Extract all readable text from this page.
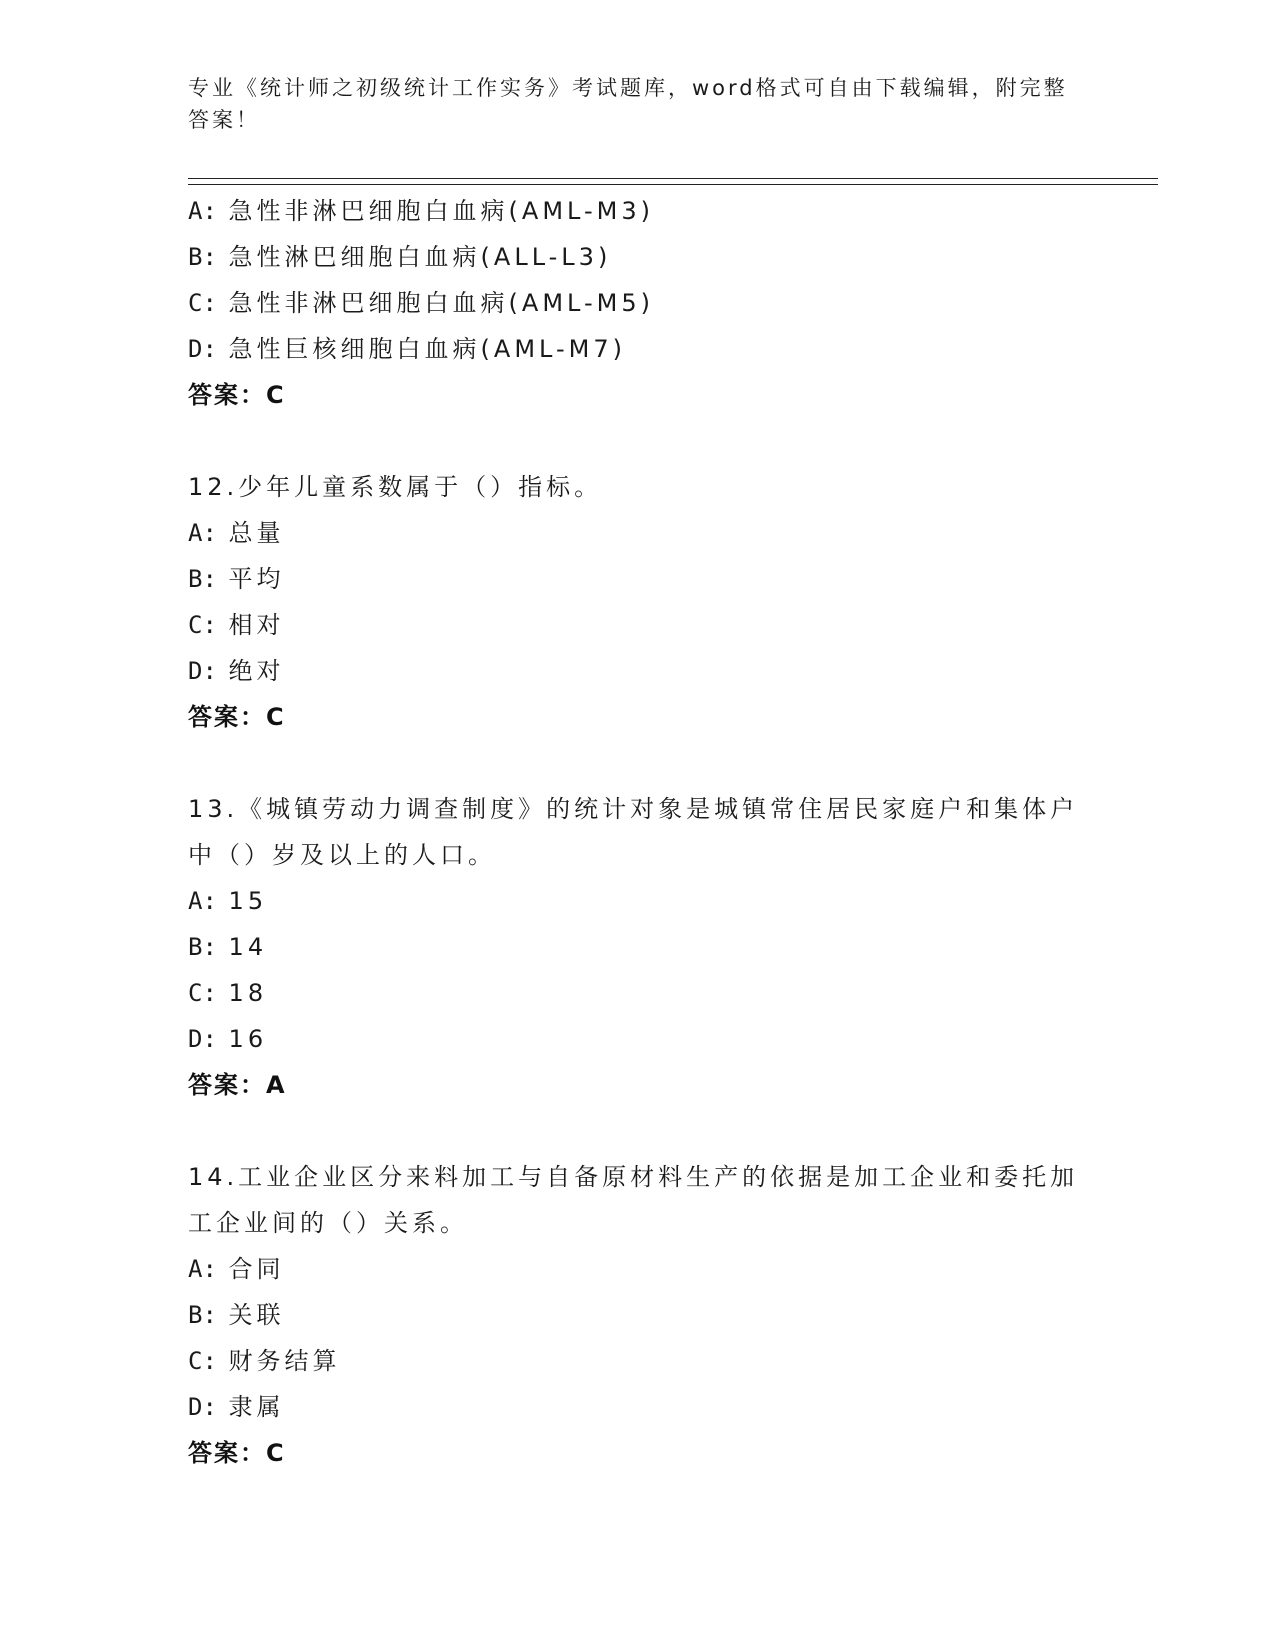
专业《统计师之初级统计工作实务》考试题库，word格式可自由下载编辑，附完整答案！
A: 急性非淋巴细胞白血病(AML-M3)
B: 急性淋巴细胞白血病(ALL-L3)
C: 急性非淋巴细胞白血病(AML-M5)
D: 急性巨核细胞白血病(AML-M7)
答案：C
12.少年儿童系数属于（）指标。
A: 总量
B: 平均
C: 相对
D: 绝对
答案：C
13.《城镇劳动力调查制度》的统计对象是城镇常住居民家庭户和集体户中（）岁及以上的人口。
A: 15
B: 14
C: 18
D: 16
答案：A
14.工业企业区分来料加工与自备原材料生产的依据是加工企业和委托加工企业间的（）关系。
A: 合同
B: 关联
C: 财务结算
D: 隶属
答案：C
